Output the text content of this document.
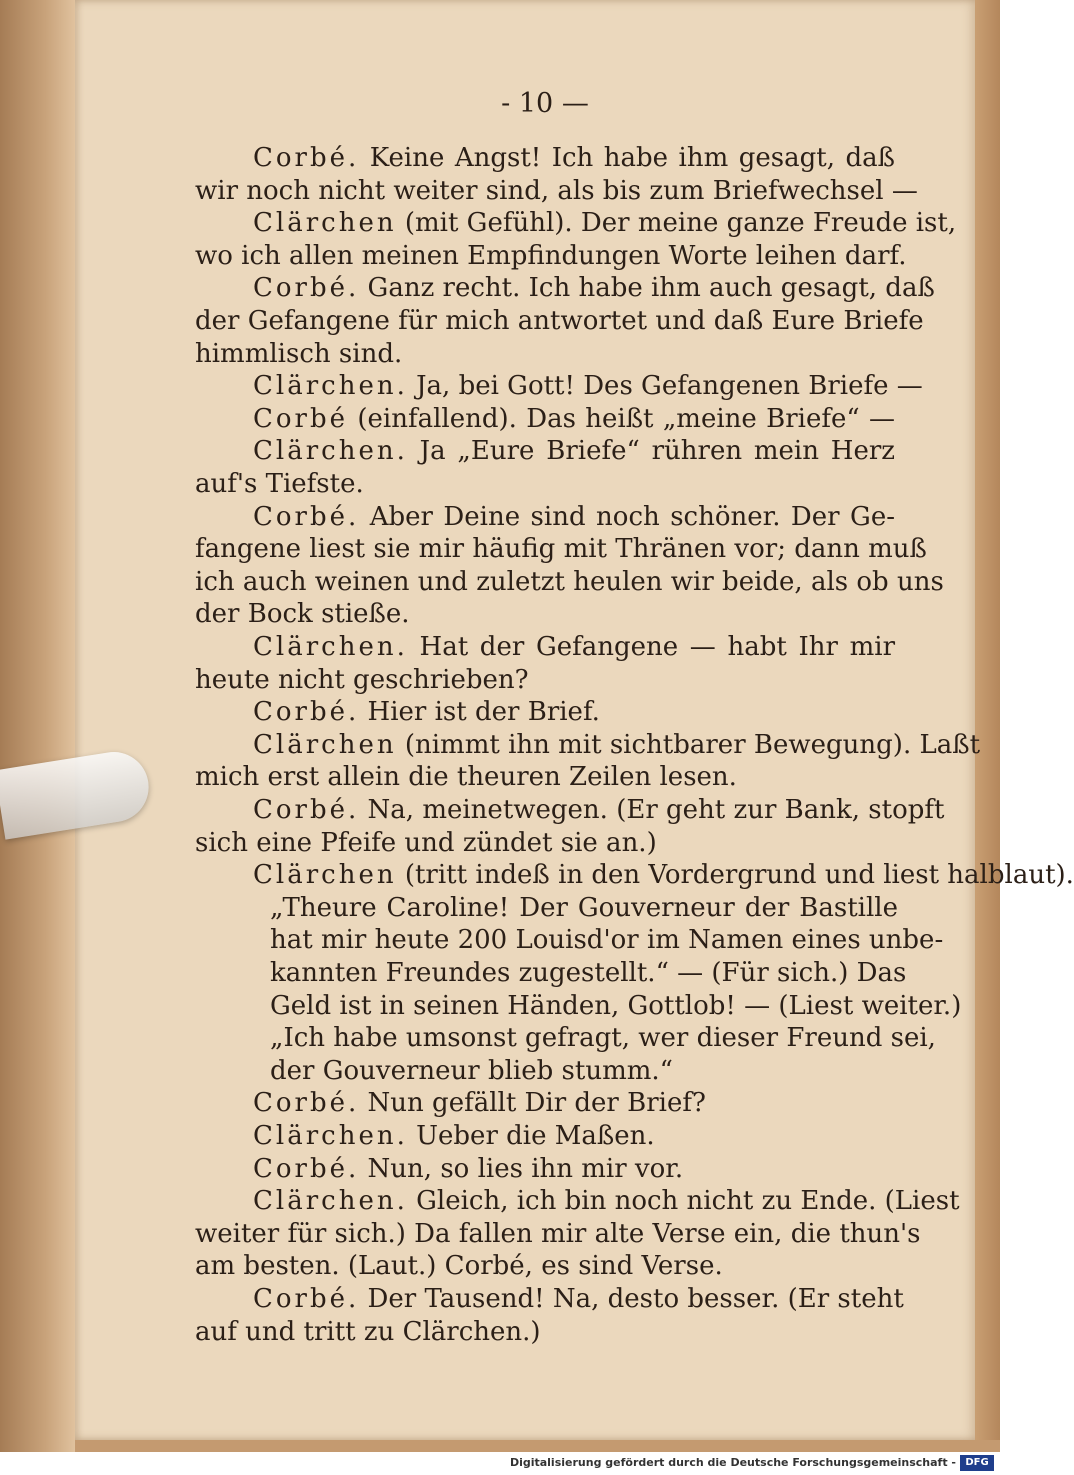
- 10 —
Corbé. Keine Angst! Ich habe ihm gesagt, daß
wir noch nicht weiter sind, als bis zum Briefwechsel —
Clärchen (mit Gefühl). Der meine ganze Freude ist,
wo ich allen meinen Empfindungen Worte leihen darf.
Corbé. Ganz recht. Ich habe ihm auch gesagt, daß
der Gefangene für mich antwortet und daß Eure Briefe
himmlisch sind.
Clärchen. Ja, bei Gott! Des Gefangenen Briefe —
Corbé (einfallend). Das heißt „meine Briefe“ —
Clärchen. Ja „Eure Briefe“ rühren mein Herz
auf's Tiefste.
Corbé. Aber Deine sind noch schöner. Der Ge-
fangene liest sie mir häufig mit Thränen vor; dann muß
ich auch weinen und zuletzt heulen wir beide, als ob uns
der Bock stieße.
Clärchen. Hat der Gefangene — habt Ihr mir
heute nicht geschrieben?
Corbé. Hier ist der Brief.
Clärchen (nimmt ihn mit sichtbarer Bewegung). Laßt
mich erst allein die theuren Zeilen lesen.
Corbé. Na, meinetwegen. (Er geht zur Bank, stopft
sich eine Pfeife und zündet sie an.)
Clärchen (tritt indeß in den Vordergrund und liest halblaut).
„Theure Caroline! Der Gouverneur der Bastille
hat mir heute 200 Louisd'or im Namen eines unbe-
kannten Freundes zugestellt.“ — (Für sich.) Das
Geld ist in seinen Händen, Gottlob! — (Liest weiter.)
„Ich habe umsonst gefragt, wer dieser Freund sei,
der Gouverneur blieb stumm.“
Corbé. Nun gefällt Dir der Brief?
Clärchen. Ueber die Maßen.
Corbé. Nun, so lies ihn mir vor.
Clärchen. Gleich, ich bin noch nicht zu Ende. (Liest
weiter für sich.) Da fallen mir alte Verse ein, die thun's
am besten. (Laut.) Corbé, es sind Verse.
Corbé. Der Tausend! Na, desto besser. (Er steht
auf und tritt zu Clärchen.)
Digitalisierung gefördert durch die Deutsche Forschungsgemeinschaft - DFG
